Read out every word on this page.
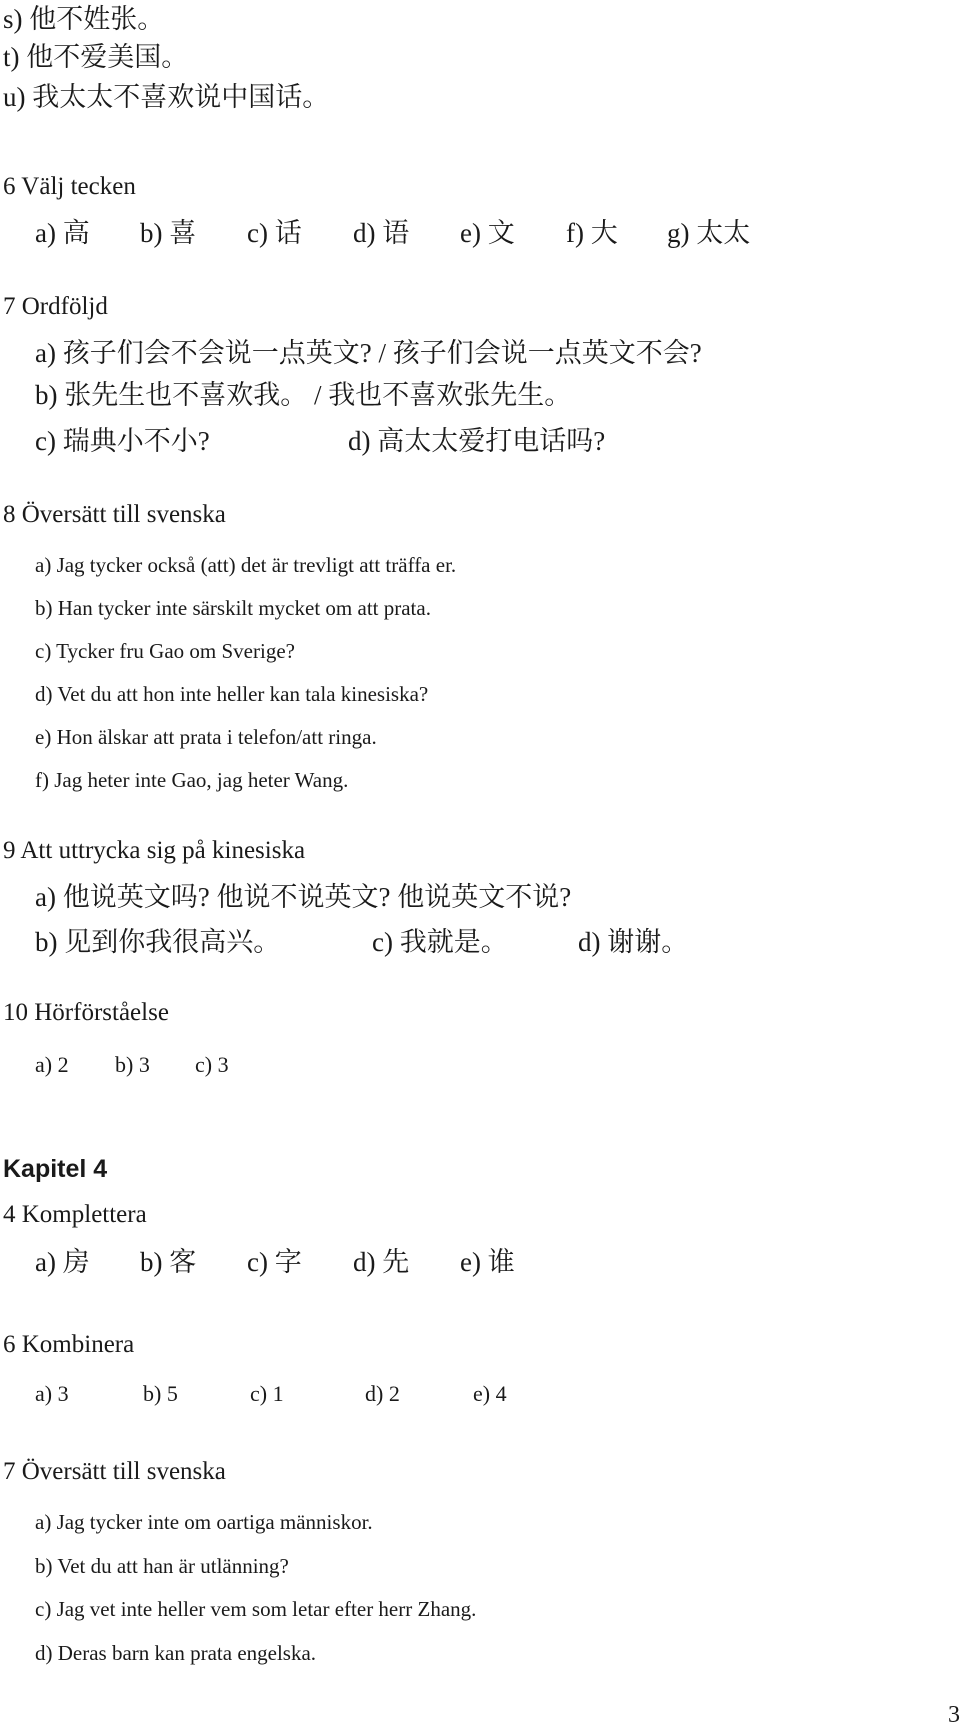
s) 他不姓张。
t) 他不爱美国。
u) 我太太不喜欢说中国话。
6 Välj tecken
a) 高 b) 喜 c) 话 d) 语 e) 文 f) 大 g) 太太
7 Ordföljd
a) 孩子们会不会说一点英文? / 孩子们会说一点英文不会?
b) 张先生也不喜欢我。 / 我也不喜欢张先生。
c) 瑞典小不小?	d) 高太太爱打电话吗?
8 Översätt till svenska
a) Jag tycker också (att) det är trevligt att träffa er.
b) Han tycker inte särskilt mycket om att prata.
c) Tycker fru Gao om Sverige?
d) Vet du att hon inte heller kan tala kinesiska?
e) Hon älskar att prata i telefon/att ringa.
f) Jag heter inte Gao, jag heter Wang.
9 Att uttrycka sig på kinesiska
a) 他说英文吗? 他说不说英文? 他说英文不说?
b) 见到你我很高兴。	c) 我就是。	d) 谢谢。
10 Hörförståelse
a) 2 b) 3 c) 3
Kapitel 4
4 Komplettera
a) 房 b) 客 c) 字 d) 先 e) 谁
6 Kombinera
a) 3	b) 5	c) 1	d) 2	e) 4
7 Översätt till svenska
a) Jag tycker inte om oartiga människor.
b) Vet du att han är utlänning?
c) Jag vet inte heller vem som letar efter herr Zhang.
d) Deras barn kan prata engelska.
3
